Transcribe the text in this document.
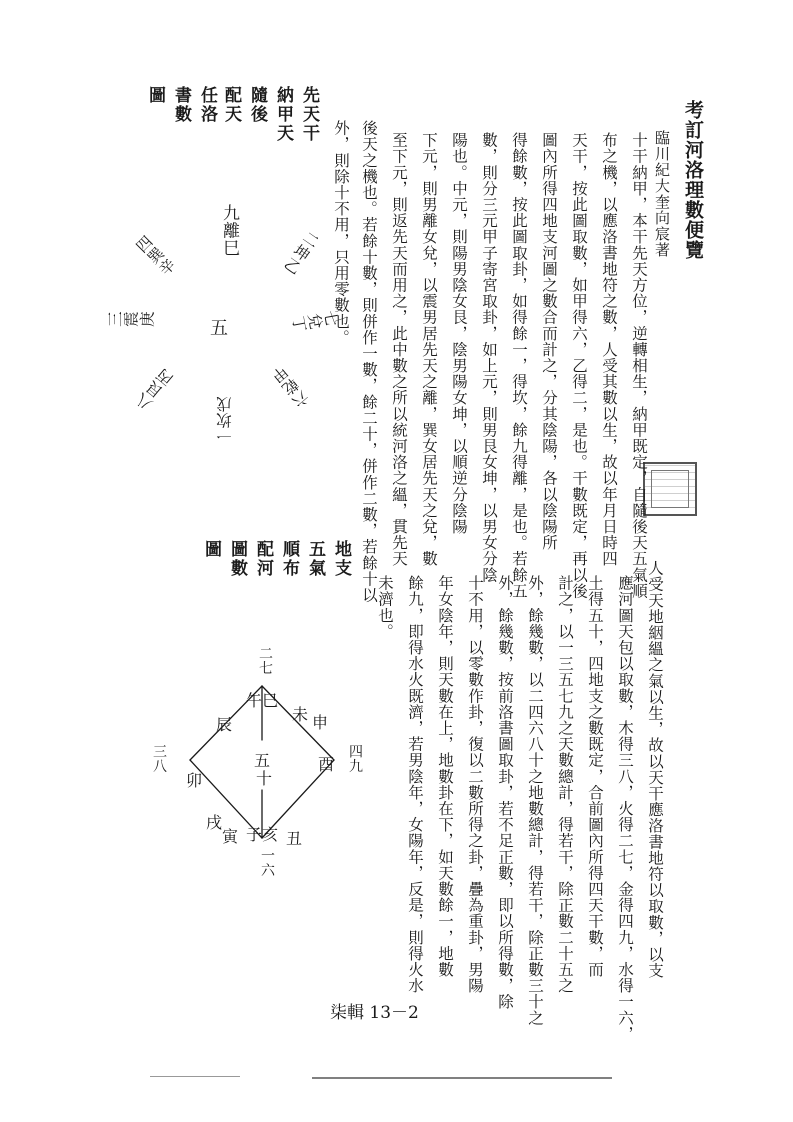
考訂河洛理數便覽
臨川紀大奎向宸著
十干納甲，本干先天方位，逆轉相生，納甲既定，自隨後天五氣順
布之機，以應洛書地符之數，人受其數以生，故以年月日時四
天干，按此圖取數，如甲得六，乙得二，是也。干數既定，再以後
圖內所得四地支河圖之數合而計之，分其陰陽，各以陰陽所
得餘數，按此圖取卦，如得餘一，得坎，餘九得離，是也。若餘五
數，則分三元甲子寄宮取卦，如上元，則男艮女坤，以男女分陰
陽也。中元，則陽男陰女艮，陰男陽女坤，以順逆分陰陽
下元，則男離女兌，以震男居先天之離，巽女居先天之兌，數
至下元，則返先天而用之，此中數之所以統河洛之縕，貫先天
後天之機也。若餘十數，則併作一數，餘二十，併作二數，若餘十以
外，則除十不用，只用零數也。
人受天地絪縕之氣以生，故以天干應洛書地符以取數，以支
應河圖天包以取數，木得三八，火得二七，金得四九，水得一六，
土得五十，四地支之數既定，合前圖內所得四天干數，而
計之，以一三五七九之天數總計，得若干，除正數二十五之
外，餘幾數，以二四六八十之地數總計，得若干，除正數三十之
外，餘幾數，按前洛書圖取卦，若不足正數，即以所得數，除
十不用，以零數作卦，復以二數所得之卦，疊為重卦，男陽
年女陰年，則天數在上，地數卦在下，如天數餘一，地數
餘九，即得水火既濟，若男陰年，女陽年，反是，則得火水
未濟也。
先天干
納甲天
隨後
配天
任洛
書數
圖
九離巳	二坤乙
七兌丁
六乾甲
一坎戊
八艮丙
三震庚
四巽辛
五
地支
五氣
順布
配河
圖數
圖
二七
午巳
五
十
四九
酉
三八
卯
一六
子亥
未 申
丑
寅
辰
戌
柒輯 13－2
